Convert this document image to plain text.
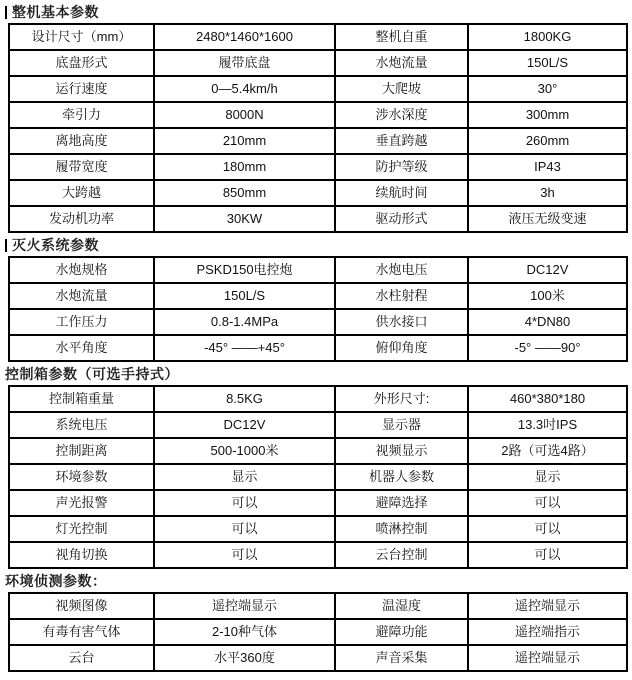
整机基本参数
设计尺寸（mm）	2480*1460*1600	整机自重	1800KG
底盘形式	履带底盘	水炮流量	150L/S
运行速度	0—5.4km/h	大爬坡	30°
牵引力	8000N	涉水深度	300mm
离地高度	210mm	垂直跨越	260mm
履带宽度	180mm	防护等级	IP43
大跨越	850mm	续航时间	3h
发动机功率	30KW	驱动形式	液压无级变速
灭火系统参数
水炮规格	PSKD150电控炮	水炮电压	DC12V
水炮流量	150L/S	水柱射程	100米
工作压力	0.8-1.4MPa	供水接口	4*DN80
水平角度	-45° ——+45°	俯仰角度	-5° ——90°
控制箱参数（可选手持式）
控制箱重量	8.5KG	外形尺寸:	460*380*180
系统电压	DC12V	显示器	13.3吋IPS
控制距离	500-1000米	视频显示	2路（可选4路）
环境参数	显示	机器人参数	显示
声光报警	可以	避障选择	可以
灯光控制	可以	喷淋控制	可以
视角切换	可以	云台控制	可以
环境侦测参数：
视频图像	遥控端显示	温湿度	遥控端显示
有毒有害气体	2-10种气体	避障功能	遥控端指示
云台	水平360度	声音采集	遥控端显示
